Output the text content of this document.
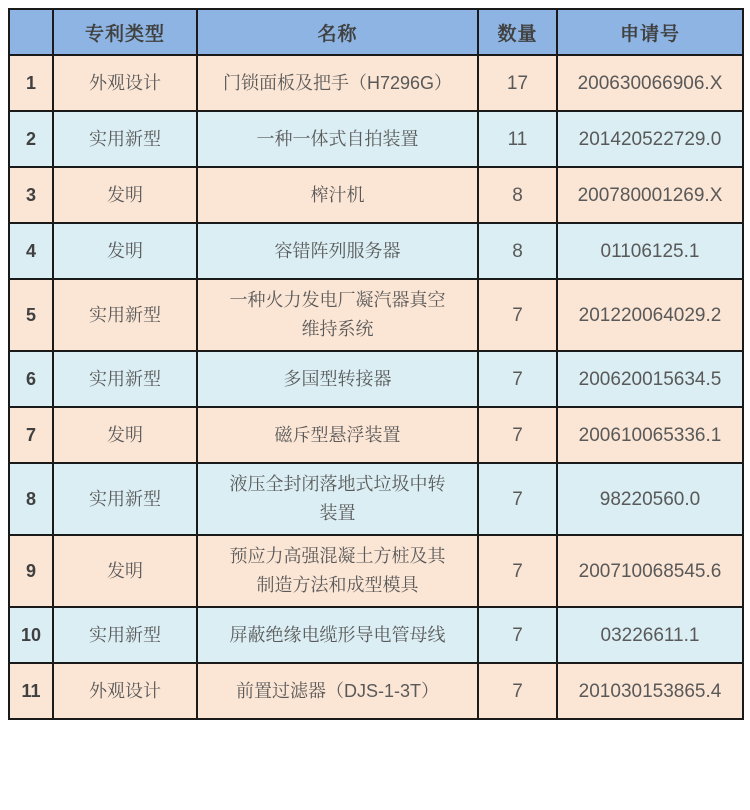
	专利类型	名称	数量	申请号
1	外观设计	门锁面板及把手（H7296G）	17	200630066906.X
2	实用新型	一种一体式自拍装置	11	201420522729.0
3	发明	榨汁机	8	200780001269.X
4	发明	容错阵列服务器	8	01106125.1
5	实用新型	一种火力发电厂凝汽器真空维持系统	7	201220064029.2
6	实用新型	多国型转接器	7	200620015634.5
7	发明	磁斥型悬浮装置	7	200610065336.1
8	实用新型	液压全封闭落地式垃圾中转装置	7	98220560.0
9	发明	预应力高强混凝土方桩及其制造方法和成型模具	7	200710068545.6
10	实用新型	屏蔽绝缘电缆形导电管母线	7	03226611.1
11	外观设计	前置过滤器（DJS-1-3T）	7	201030153865.4
